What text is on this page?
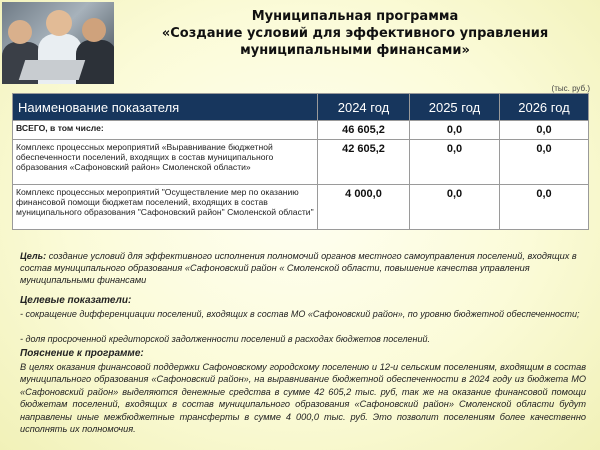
Муниципальная программа
«Создание условий для эффективного управления
муниципальными финансами»
(тыс. руб.)
Наименование показателя	2024 год	2025 год	2026 год
ВСЕГО, в том числе:	46 605,2	0,0	0,0
Комплекс процессных мероприятий «Выравнивание бюджетной обеспеченности поселений, входящих в состав муниципального образования «Сафоновский район» Смоленской области»	42 605,2	0,0	0,0
Комплекс процессных мероприятий "Осуществление мер по оказанию финансовой помощи бюджетам поселений, входящих в состав муниципального образования "Сафоновский район" Смоленской области"	4 000,0	0,0	0,0
Цель: создание условий для эффективного исполнения полномочий органов местного самоуправления поселений, входящих в состав муниципального образования «Сафоновский район « Смоленской области, повышение качества управления муниципальными финансами
Целевые показатели:
- сокращение дифференциации поселений, входящих в состав МО «Сафоновский район», по уровню бюджетной обеспеченности;
- доля просроченной кредиторской задолженности поселений в расходах бюджетов поселений.
Пояснение к программе:
В целях оказания финансовой поддержки Сафоновскому городскому поселению и 12-и сельским поселениям, входящим в состав муниципального образования «Сафоновский район», на выравнивание бюджетной обеспеченности в 2024 году из бюджета МО «Сафоновский район» выделяются денежные средства в сумме 42 605,2 тыс. руб, так же на оказание финансовой помощи бюджетам поселений, входящих в состав муниципального образования «Сафоновский район» Смоленской области будут направлены иные межбюджетные трансферты в сумме 4 000,0 тыс. руб. Это позволит поселениям более качественно исполнять их полномочия.
